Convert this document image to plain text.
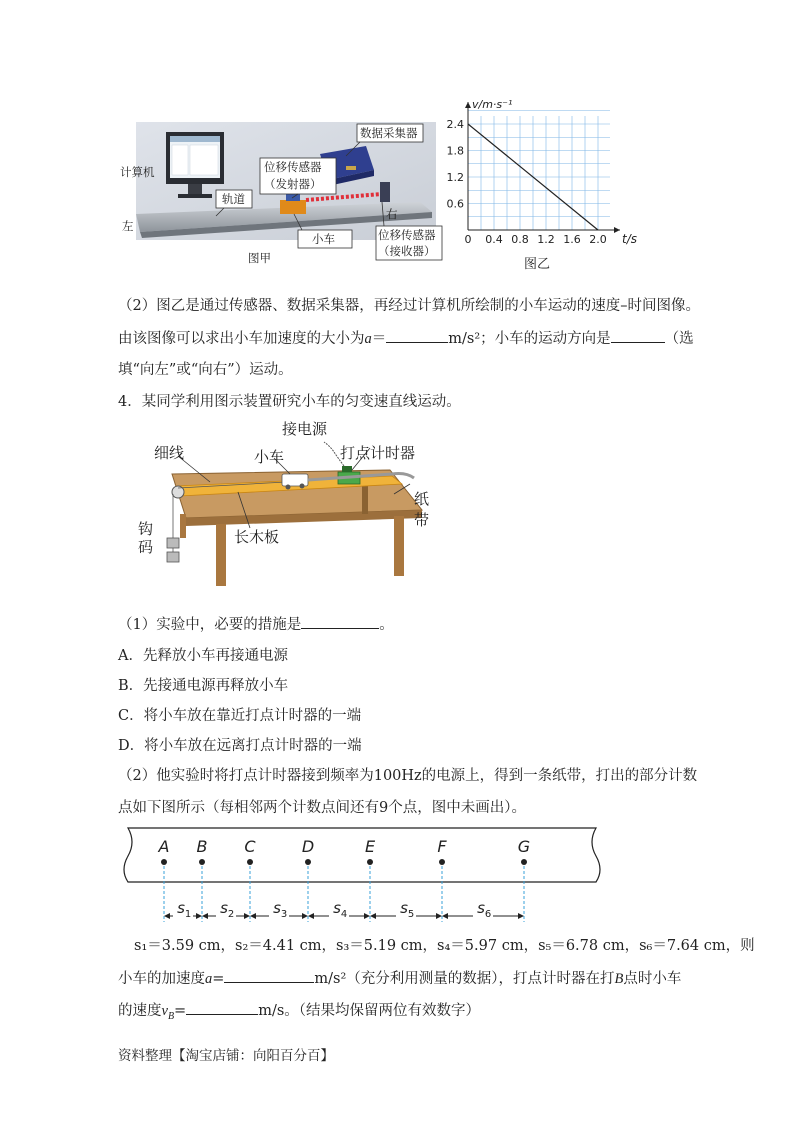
计算机
数据采集器
位移传感器
（发射器）
轨道
左
右
小车	位移传感器
（接收器）
图甲
0.6
1.2
1.8
2.4
0 0.4 0.8 1.2 1.6 2.0
v/m·s⁻¹
t/s
图乙
（2）图乙是通过传感器、数据采集器，再经过计算机所绘制的小车运动的速度–时间图像。
由该图像可以求出小车加速度的大小为a＝	m/s²；小车的运动方向是	（选
填“向左”或“向右”）运动。
4．某同学利用图示装置研究小车的匀变速直线运动。
接电源
细线	小车	打点计时器
纸带
钩
码
长木板
（1）实验中，必要的措施是	。
A．先释放小车再接通电源
B．先接通电源再释放小车
C．将小车放在靠近打点计时器的一端
D．将小车放在远离打点计时器的一端
（2）他实验时将打点计时器接到频率为100Hz的电源上，得到一条纸带，打出的部分计数
点如下图所示（每相邻两个计数点间还有9个点，图中未画出）。
A B C	D	E	F	G
s 1 s 2	s 3	s 4	s 5	s 6
s₁＝3.59 cm，s₂＝4.41 cm，s₃＝5.19 cm，s₄＝5.97 cm，s₅＝6.78 cm，s₆＝7.64 cm，则
小车的加速度a=	m/s²（充分利用测量的数据），打点计时器在打B点时小车
的速度$v_B=$	m/s。（结果均保留两位有效数字）
资料整理【淘宝店铺：向阳百分百】
